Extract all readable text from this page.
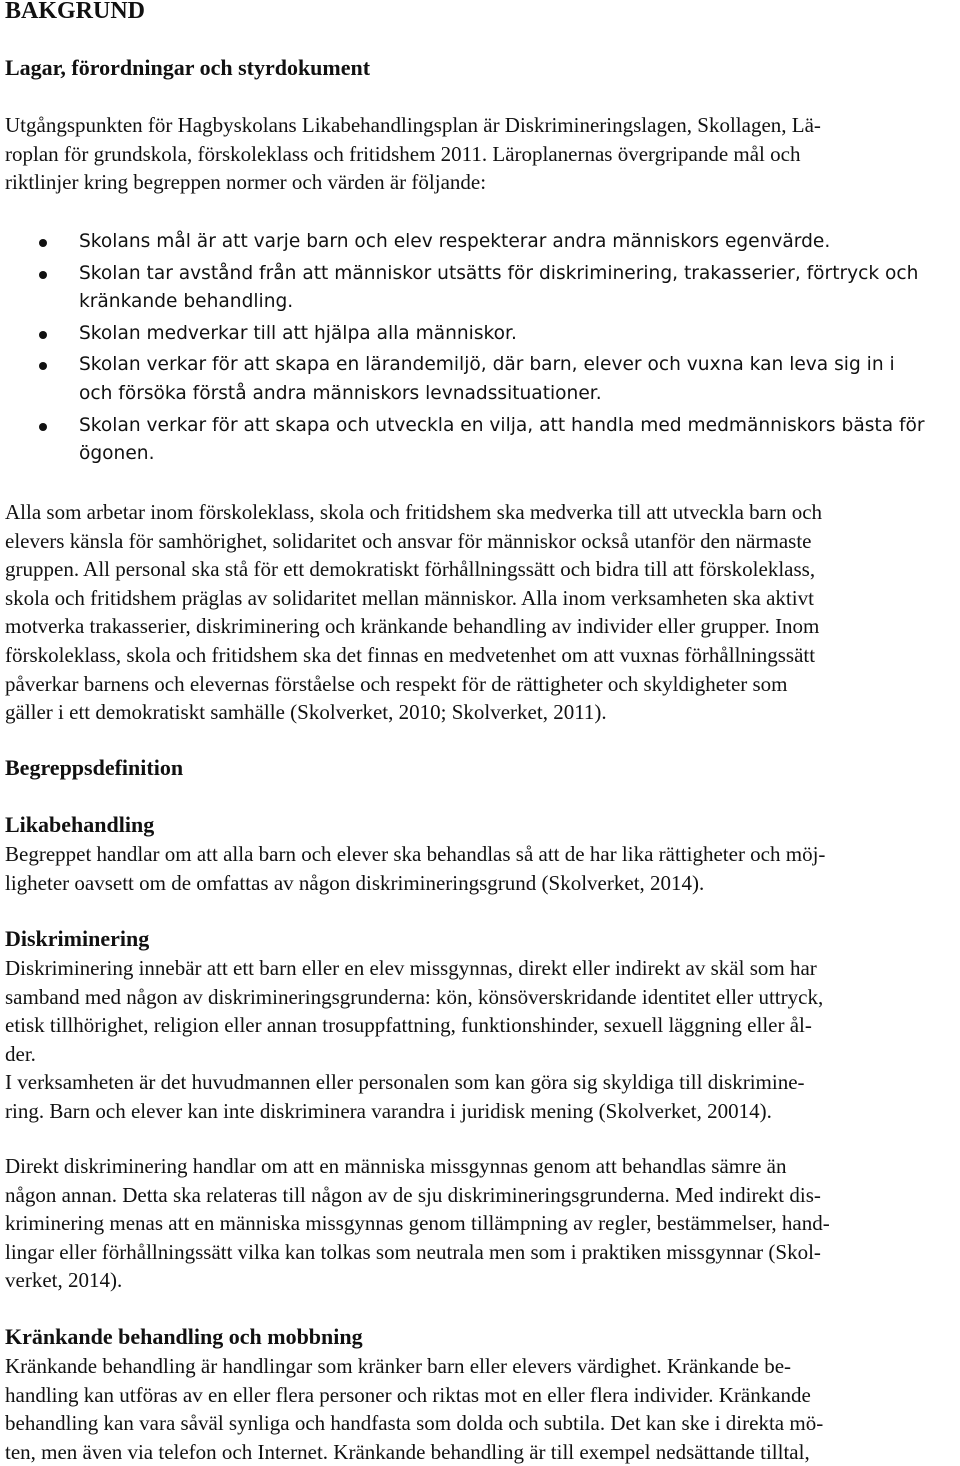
BAKGRUND
Lagar, förordningar och styrdokument
Utgångspunkten för Hagbyskolans Likabehandlingsplan är Diskrimineringslagen, Skollagen, Lä-
roplan för grundskola, förskoleklass och fritidshem 2011. Läroplanernas övergripande mål och
riktlinjer kring begreppen normer och värden är följande:
Skolans mål är att varje barn och elev respekterar andra människors egenvärde.
Skolan tar avstånd från att människor utsätts för diskriminering, trakasserier, förtryck och
kränkande behandling.
Skolan medverkar till att hjälpa alla människor.
Skolan verkar för att skapa en lärandemiljö, där barn, elever och vuxna kan leva sig in i
och försöka förstå andra människors levnadssituationer.
Skolan verkar för att skapa och utveckla en vilja, att handla med medmänniskors bästa för
ögonen.
Alla som arbetar inom förskoleklass, skola och fritidshem ska medverka till att utveckla barn och
elevers känsla för samhörighet, solidaritet och ansvar för människor också utanför den närmaste
gruppen. All personal ska stå för ett demokratiskt förhållningssätt och bidra till att förskoleklass,
skola och fritidshem präglas av solidaritet mellan människor. Alla inom verksamheten ska aktivt
motverka trakasserier, diskriminering och kränkande behandling av individer eller grupper. Inom
förskoleklass, skola och fritidshem ska det finnas en medvetenhet om att vuxnas förhållningssätt
påverkar barnens och elevernas förståelse och respekt för de rättigheter och skyldigheter som
gäller i ett demokratiskt samhälle (Skolverket, 2010; Skolverket, 2011).
Begreppsdefinition
Likabehandling
Begreppet handlar om att alla barn och elever ska behandlas så att de har lika rättigheter och möj-
ligheter oavsett om de omfattas av någon diskrimineringsgrund (Skolverket, 2014).
Diskriminering
Diskriminering innebär att ett barn eller en elev missgynnas, direkt eller indirekt av skäl som har
samband med någon av diskrimineringsgrunderna: kön, könsöverskridande identitet eller uttryck,
etisk tillhörighet, religion eller annan trosuppfattning, funktionshinder, sexuell läggning eller ål-
der.
I verksamheten är det huvudmannen eller personalen som kan göra sig skyldiga till diskrimine-
ring. Barn och elever kan inte diskriminera varandra i juridisk mening (Skolverket, 20014).
Direkt diskriminering handlar om att en människa missgynnas genom att behandlas sämre än
någon annan. Detta ska relateras till någon av de sju diskrimineringsgrunderna. Med indirekt dis-
kriminering menas att en människa missgynnas genom tillämpning av regler, bestämmelser, hand-
lingar eller förhållningssätt vilka kan tolkas som neutrala men som i praktiken missgynnar (Skol-
verket, 2014).
Kränkande behandling och mobbning
Kränkande behandling är handlingar som kränker barn eller elevers värdighet. Kränkande be-
handling kan utföras av en eller flera personer och riktas mot en eller flera individer. Kränkande
behandling kan vara såväl synliga och handfasta som dolda och subtila. Det kan ske i direkta mö-
ten, men även via telefon och Internet. Kränkande behandling är till exempel nedsättande tilltal,
